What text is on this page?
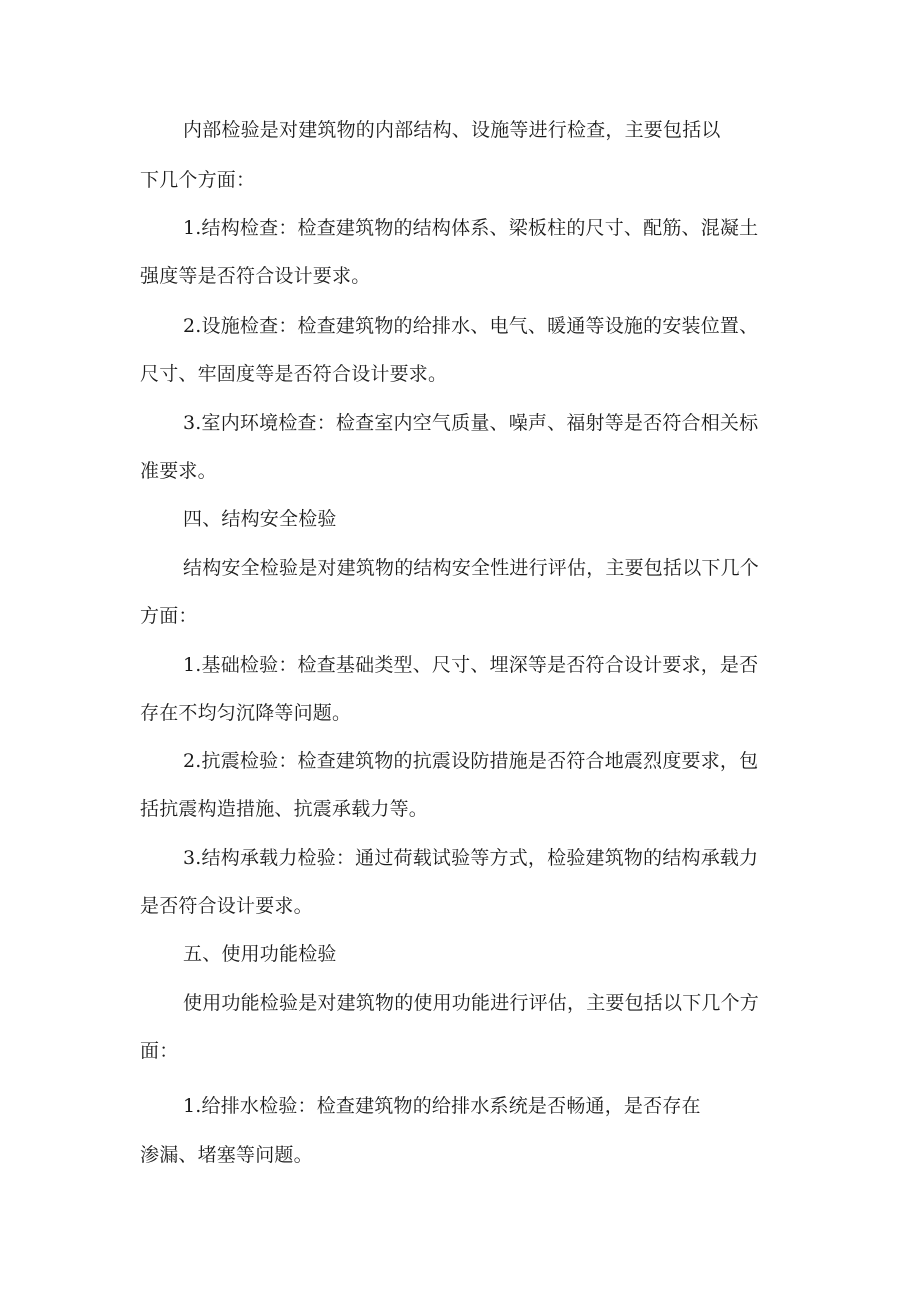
内部检验是对建筑物的内部结构、设施等进行检查，主要包括以
下几个方面：
1.结构检查：检查建筑物的结构体系、梁板柱的尺寸、配筋、混凝土
强度等是否符合设计要求。
2.设施检查：检查建筑物的给排水、电气、暖通等设施的安装位置、
尺寸、牢固度等是否符合设计要求。
3.室内环境检查：检查室内空气质量、噪声、福射等是否符合相关标
准要求。
四、结构安全检验
结构安全检验是对建筑物的结构安全性进行评估，主要包括以下几个
方面：
1.基础检验：检查基础类型、尺寸、埋深等是否符合设计要求，是否
存在不均匀沉降等问题。
2.抗震检验：检查建筑物的抗震设防措施是否符合地震烈度要求，包
括抗震构造措施、抗震承载力等。
3.结构承载力检验：通过荷载试验等方式，检验建筑物的结构承载力
是否符合设计要求。
五、使用功能检验
使用功能检验是对建筑物的使用功能进行评估，主要包括以下几个方
面：
1.给排水检验：检查建筑物的给排水系统是否畅通，是否存在
渗漏、堵塞等问题。
